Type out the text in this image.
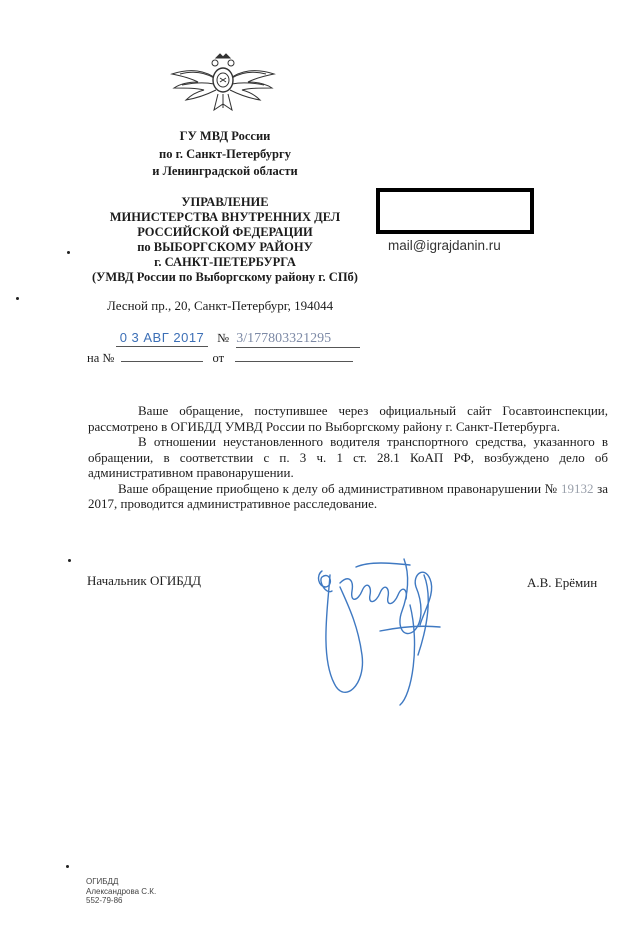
ГУ МВД России
по г. Санкт-Петербургу
и Ленинградской области
УПРАВЛЕНИЕ
МИНИСТЕРСТВА ВНУТРЕННИХ ДЕЛ
РОССИЙСКОЙ ФЕДЕРАЦИИ
по ВЫБОРГСКОМУ РАЙОНУ
г. САНКТ-ПЕТЕРБУРГА
(УМВД России по Выборгскому району г. СПб)
Лесной пр., 20, Санкт-Петербург, 194044
mail@igrajdanin.ru
0 3 АВГ 2017 № 3/177803321295
на №	от

Ваше обращение, поступившее через официальный сайт Госавтоинспекции, рассмотрено в ОГИБДД УМВД России по Выборгскому району г. Санкт-Петербурга.

В отношении неустановленного водителя транспортного средства, указанного в обращении, в соответствии с п. 3 ч. 1 ст. 28.1 КоАП РФ, возбуждено дело об административном правонарушении.

Ваше обращение приобщено к делу об административном правонарушении № 19132 за 2017, проводится административное расследование.

Начальник ОГИБДД	А.В. Ерёмин
ОГИБДД
Александрова С.К.
552-79-86
